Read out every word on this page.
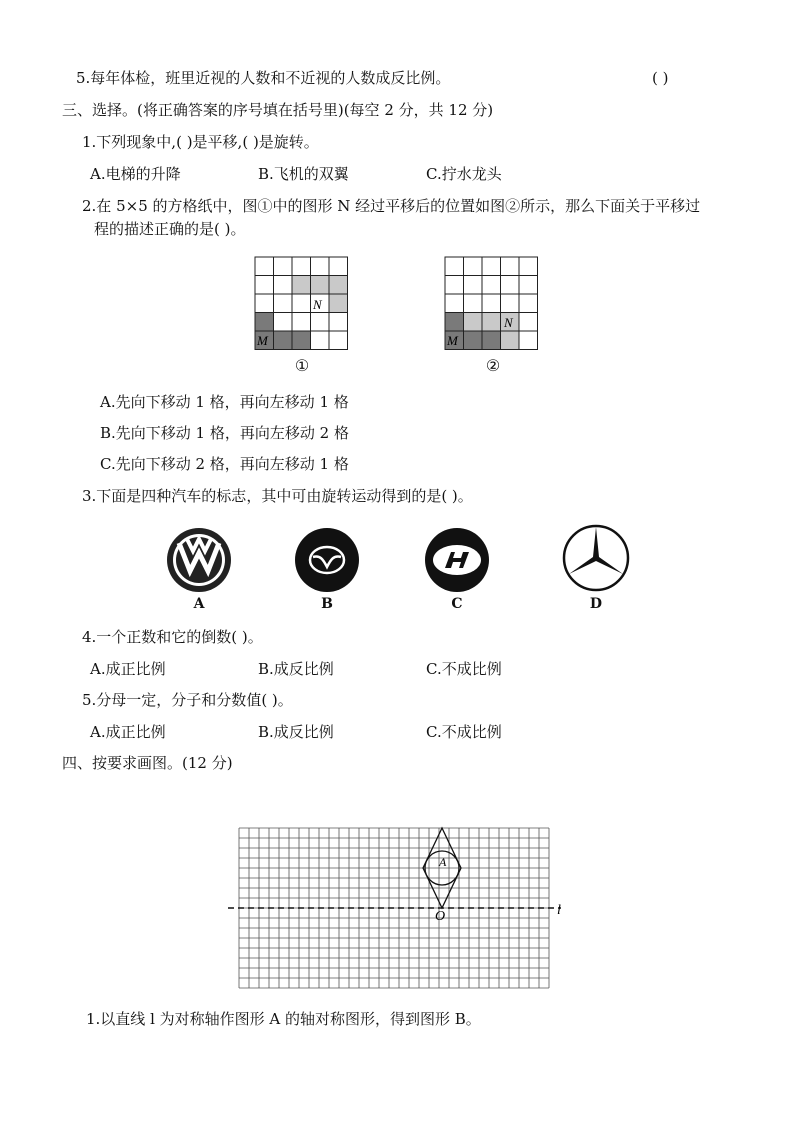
5.每年体检，班里近视的人数和不近视的人数成反比例。	( )
三、选择。(将正确答案的序号填在括号里)(每空 2 分，共 12 分)
1.下列现象中,( )是平移,( )是旋转。
A.电梯的升降	B.飞机的双翼	C.拧水龙头
2.在 5×5 的方格纸中，图①中的图形 N 经过平移后的位置如图②所示，那么下面关于平移过
程的描述正确的是( )。
N
M
①
N
M
②
A.先向下移动 1 格，再向左移动 1 格
B.先向下移动 1 格，再向左移动 2 格
C.先向下移动 2 格，再向左移动 1 格
3.下面是四种汽车的标志，其中可由旋转运动得到的是( )。
A	B	C	D
4.一个正数和它的倒数( )。
A.成正比例	B.成反比例	C.不成比例
5.分母一定，分子和分数值( )。
A.成正比例	B.成反比例	C.不成比例
四、按要求画图。(12 分)
A
O	l
1.以直线 l 为对称轴作图形 A 的轴对称图形，得到图形 B。
